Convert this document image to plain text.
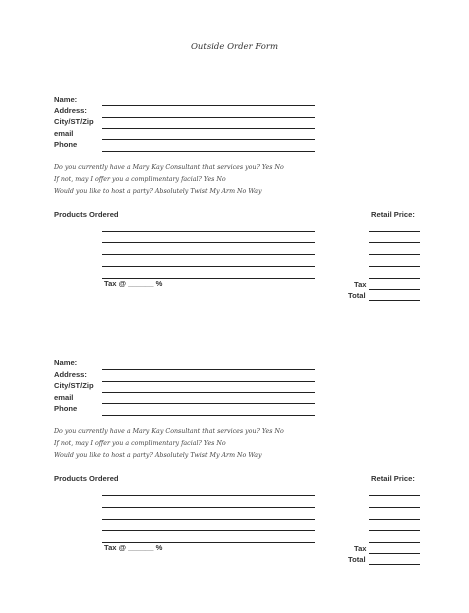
Outside Order Form
Name:
Address:
City/ST/Zip
email
Phone
Do you currently have a Mary Kay Consultant that services you? Yes No
If not, may I offer you a complimentary facial? Yes No
Would you like to host a party? Absolutely Twist My Arm No Way
Products Ordered	Retail Price:
Tax @ ______ %	Tax
Total
Name:
Address:
City/ST/Zip
email
Phone
Do you currently have a Mary Kay Consultant that services you? Yes No
If not, may I offer you a complimentary facial? Yes No
Would you like to host a party? Absolutely Twist My Arm No Way
Products Ordered	Retail Price:
Tax @ ______ %	Tax
Total
